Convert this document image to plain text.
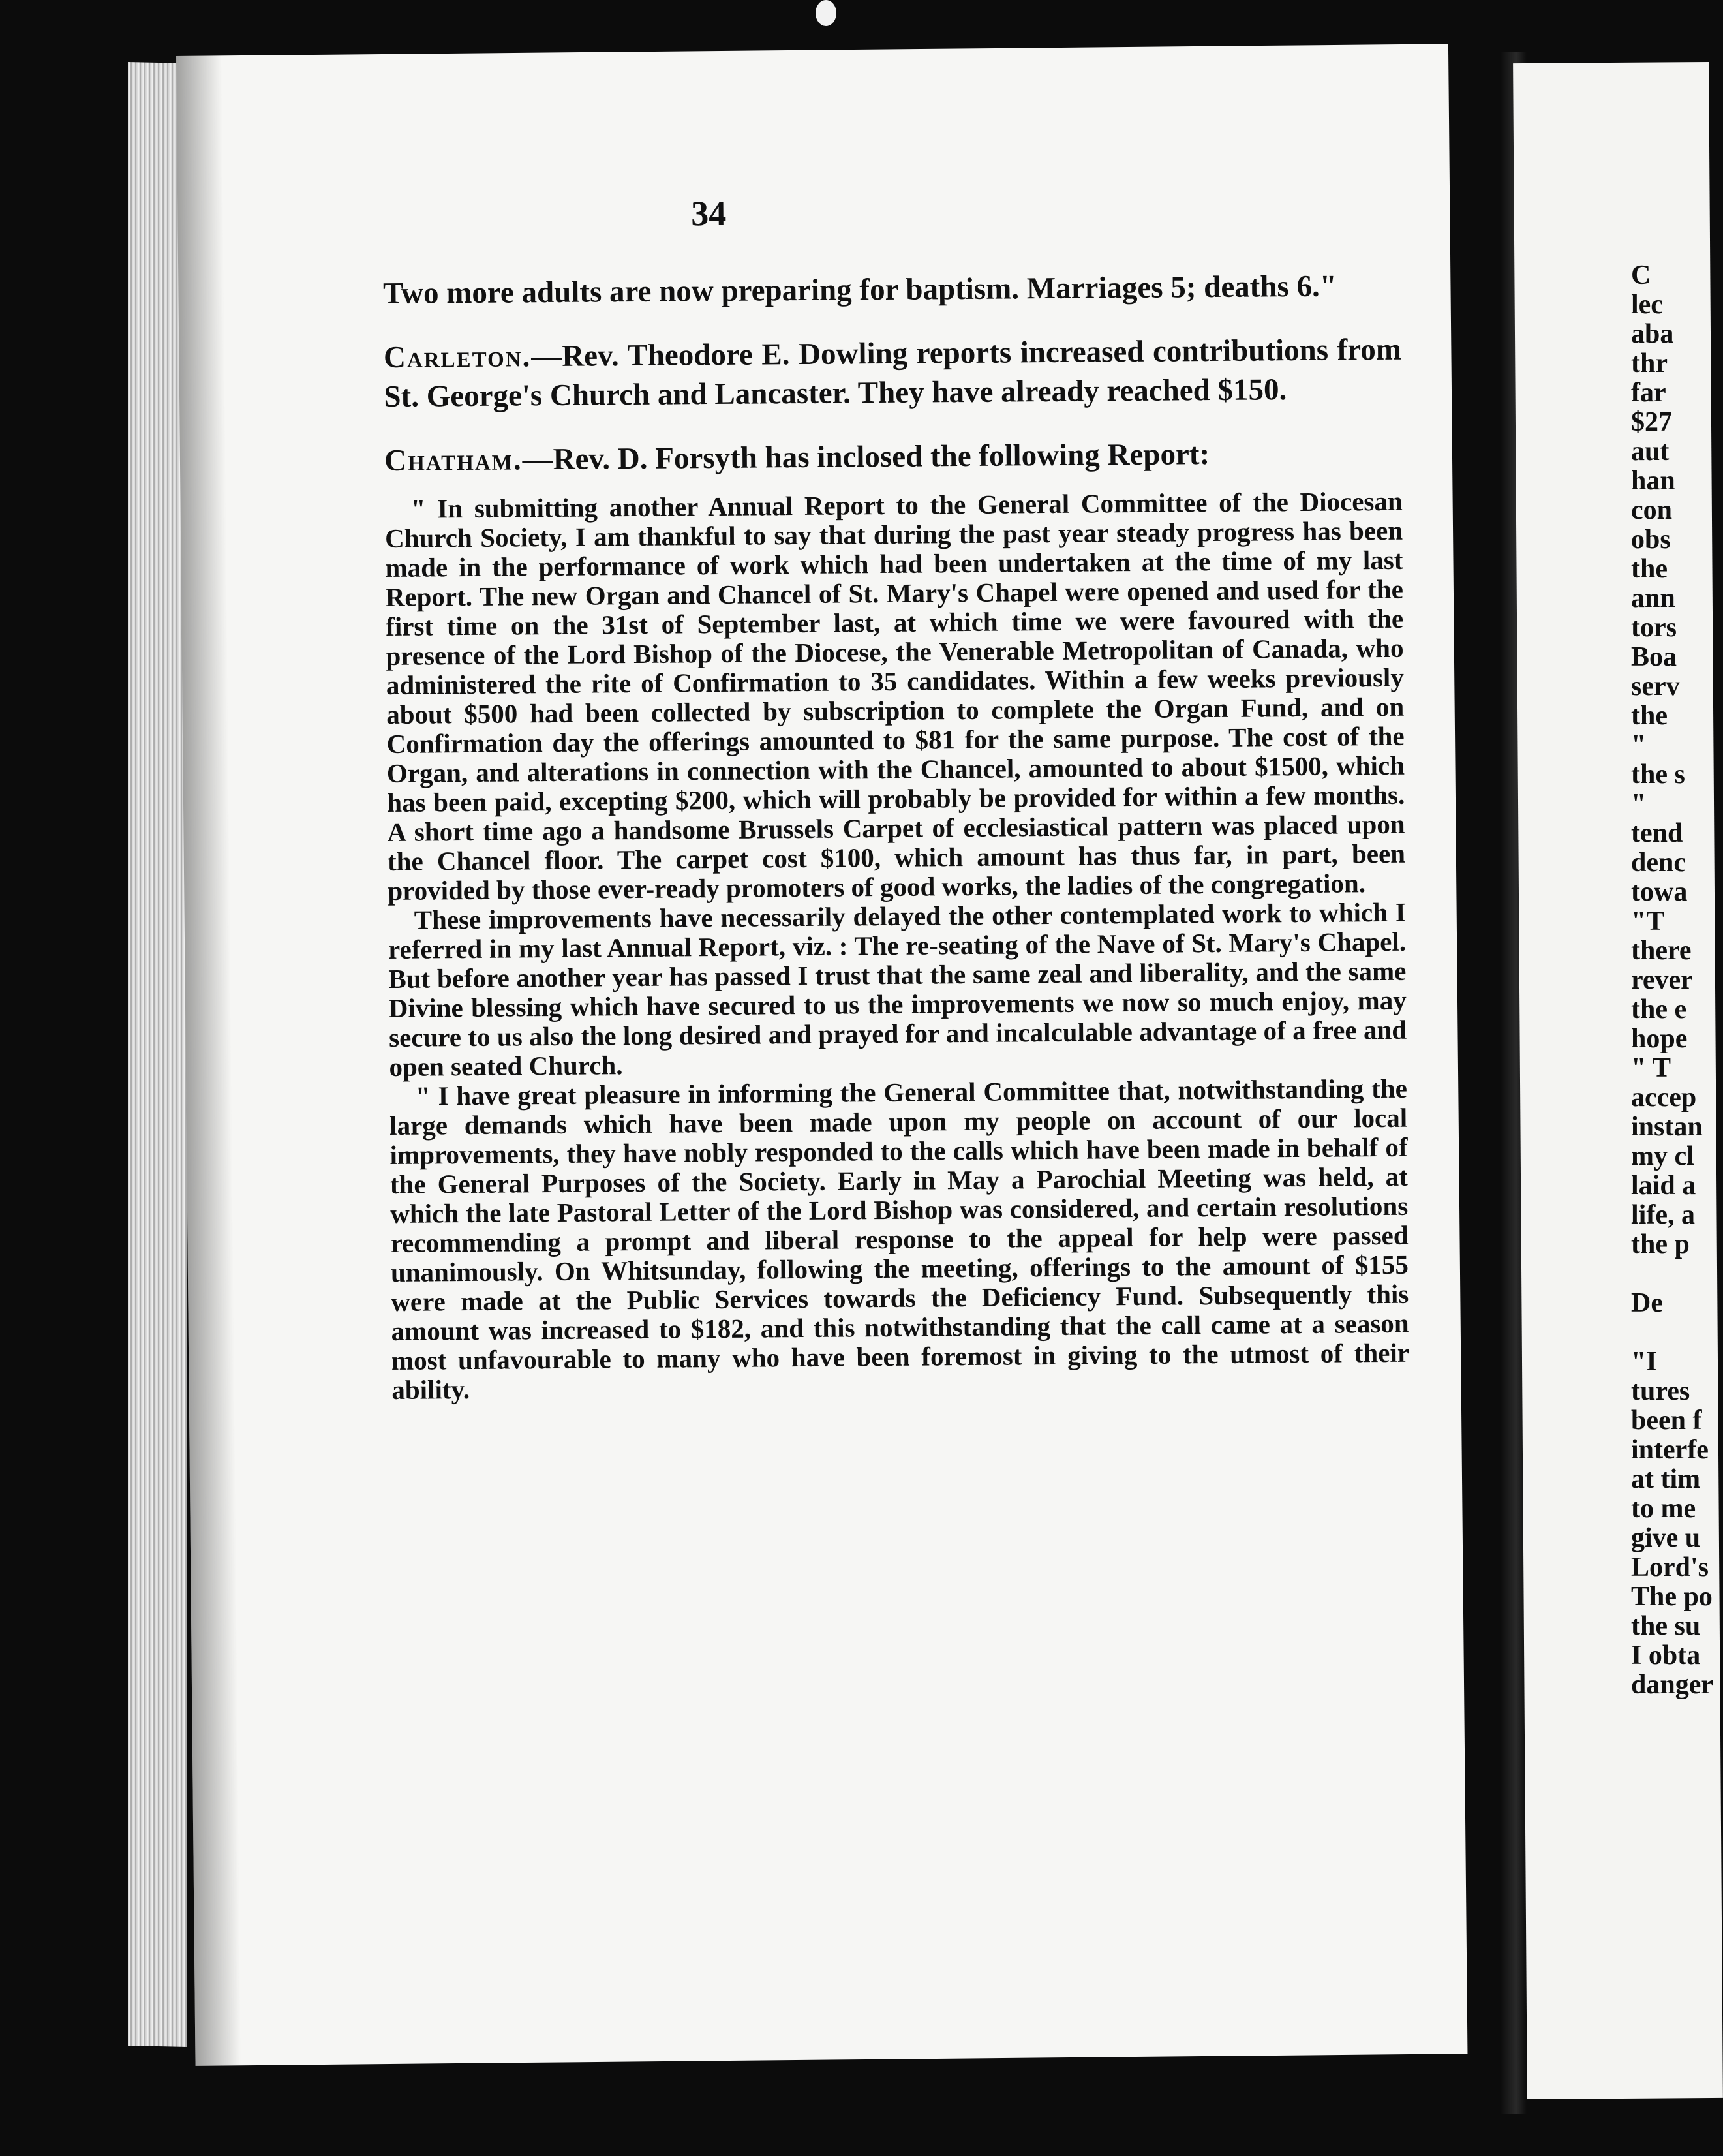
34

Two more adults are now preparing for baptism. Marriages 5; deaths 6."

Carleton.—Rev. Theodore E. Dowling reports increased contributions from St. George's Church and Lancaster. They have already reached $150.

Chatham.—Rev. D. Forsyth has inclosed the following Report:

" In submitting another Annual Report to the General Committee of the Diocesan Church Society, I am thankful to say that during the past year steady progress has been made in the performance of work which had been undertaken at the time of my last Report. The new Organ and Chancel of St. Mary's Chapel were opened and used for the first time on the 31st of September last, at which time we were favoured with the presence of the Lord Bishop of the Diocese, the Venerable Metropolitan of Canada, who administered the rite of Confirmation to 35 candidates. Within a few weeks previously about $500 had been collected by subscription to complete the Organ Fund, and on Confirmation day the offerings amounted to $81 for the same purpose. The cost of the Organ, and alterations in connection with the Chancel, amounted to about $1500, which has been paid, excepting $200, which will probably be provided for within a few months. A short time ago a handsome Brussels Carpet of ecclesiastical pattern was placed upon the Chancel floor. The carpet cost $100, which amount has thus far, in part, been provided by those ever-ready promoters of good works, the ladies of the congregation.

These improvements have necessarily delayed the other contemplated work to which I referred in my last Annual Report, viz. : The re-seating of the Nave of St. Mary's Chapel. But before another year has passed I trust that the same zeal and liberality, and the same Divine blessing which have secured to us the improvements we now so much enjoy, may secure to us also the long desired and prayed for and incalculable advantage of a free and open seated Church.

" I have great pleasure in informing the General Committee that, notwithstanding the large demands which have been made upon my people on account of our local improvements, they have nobly responded to the calls which have been made in behalf of the General Purposes of the Society. Early in May a Parochial Meeting was held, at which the late Pastoral Letter of the Lord Bishop was considered, and certain resolutions recommending a prompt and liberal response to the appeal for help were passed unanimously. On Whitsunday, following the meeting, offerings to the amount of $155 were made at the Public Services towards the Deficiency Fund. Subsequently this amount was increased to $182, and this notwithstanding that the call came at a season most unfavourable to many who have been foremost in giving to the utmost of their ability.

C
lec
aba
thr
far
$27
aut
han
con
obs
the
ann
tors
Boa
serv
the
"
the s
"
tend
denc
towa
"T
there
rever
the e
hope
" T
accep
instan
my cl
laid a
life, a
the p
De
"I
tures
been f
interfe
at tim
to me
give u
Lord's
The po
the su
I obta
danger
